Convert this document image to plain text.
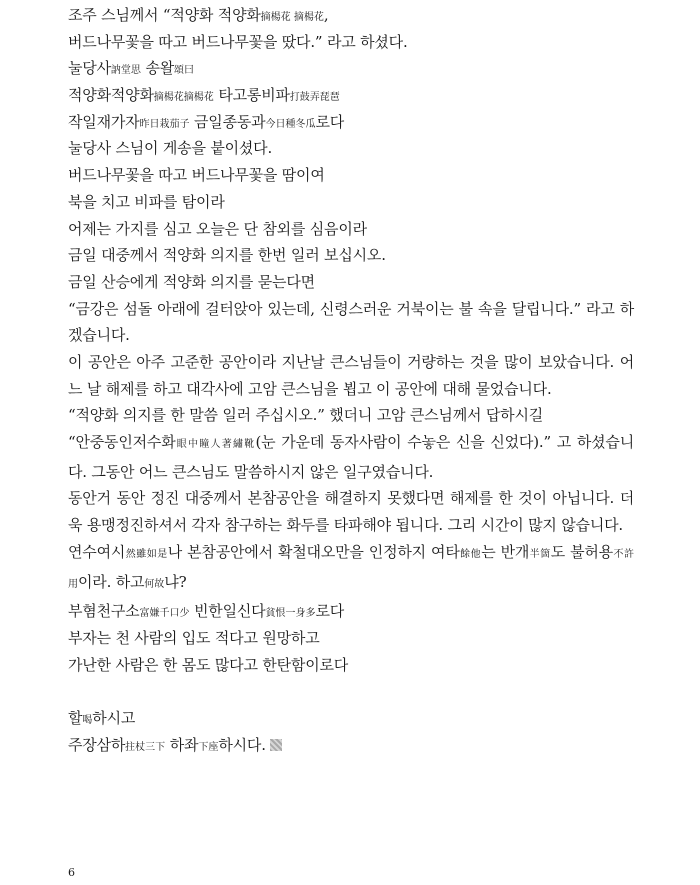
조주 스님께서 “적양화 적양화摘楊花 摘楊花,
버드나무꽃을 따고 버드나무꽃을 땄다.” 라고 하셨다.
눌당사訥堂思 송왈頌曰
적양화적양화摘楊花摘楊花 타고롱비파打鼓弄琵琶
작일재가자昨日栽茄子 금일종동과今日種冬瓜로다
눌당사 스님이 게송을 붙이셨다.
버드나무꽃을 따고 버드나무꽃을 땀이여
북을 치고 비파를 탐이라
어제는 가지를 심고 오늘은 단 참외를 심음이라
금일 대중께서 적양화 의지를 한번 일러 보십시오.
금일 산승에게 적양화 의지를 묻는다면
“금강은 섬돌 아래에 걸터앉아 있는데, 신령스러운 거북이는 불 속을 달립니다.” 라고 하겠습니다.
이 공안은 아주 고준한 공안이라 지난날 큰스님들이 거량하는 것을 많이 보았습니다. 어느 날 해제를 하고 대각사에 고암 큰스님을 뵙고 이 공안에 대해 물었습니다.
“적양화 의지를 한 말씀 일러 주십시오.” 했더니 고암 큰스님께서 답하시길
“안중동인저수화眼中瞳人著繡靴(눈 가운데 동자사람이 수놓은 신을 신었다).” 고 하셨습니다. 그동안 어느 큰스님도 말씀하시지 않은 일구였습니다.
동안거 동안 정진 대중께서 본참공안을 해결하지 못했다면 해제를 한 것이 아닙니다. 더욱 용맹정진하셔서 각자 참구하는 화두를 타파해야 됩니다. 그리 시간이 많지 않습니다.
연수여시然雖如是나 본참공안에서 확철대오만을 인정하지 여타餘他는 반개半箇도 불허용不許用이라. 하고何故냐?
부혐천구소富嫌千口少 빈한일신다貧恨一身多로다
부자는 천 사람의 입도 적다고 원망하고
가난한 사람은 한 몸도 많다고 한탄함이로다
할喝하시고
주장삼하拄杖三下 하좌下座하시다.
6
